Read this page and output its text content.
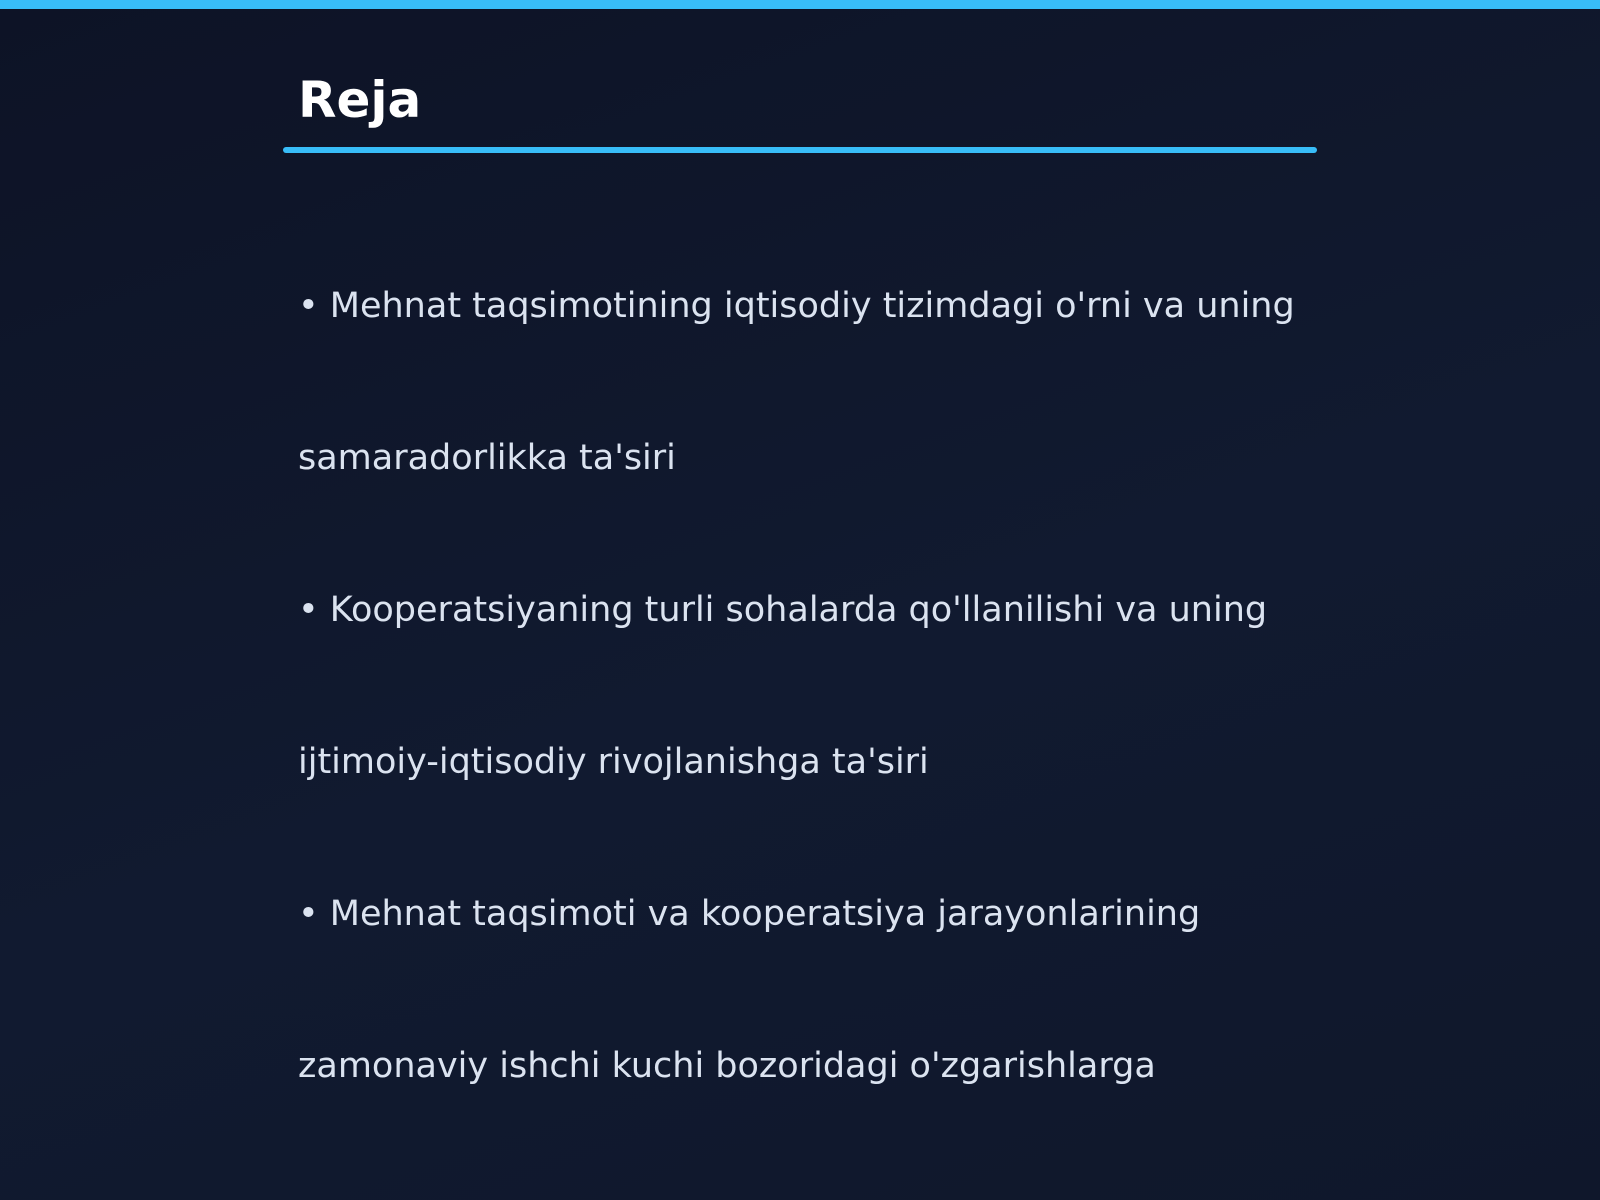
Reja

• Mehnat taqsimotining iqtisodiy tizimdagi o'rni va uning

samaradorlikka ta'siri

• Kooperatsiyaning turli sohalarda qo'llanilishi va uning

ijtimoiy-iqtisodiy rivojlanishga ta'siri

• Mehnat taqsimoti va kooperatsiya jarayonlarining

zamonaviy ishchi kuchi bozoridagi o'zgarishlarga
